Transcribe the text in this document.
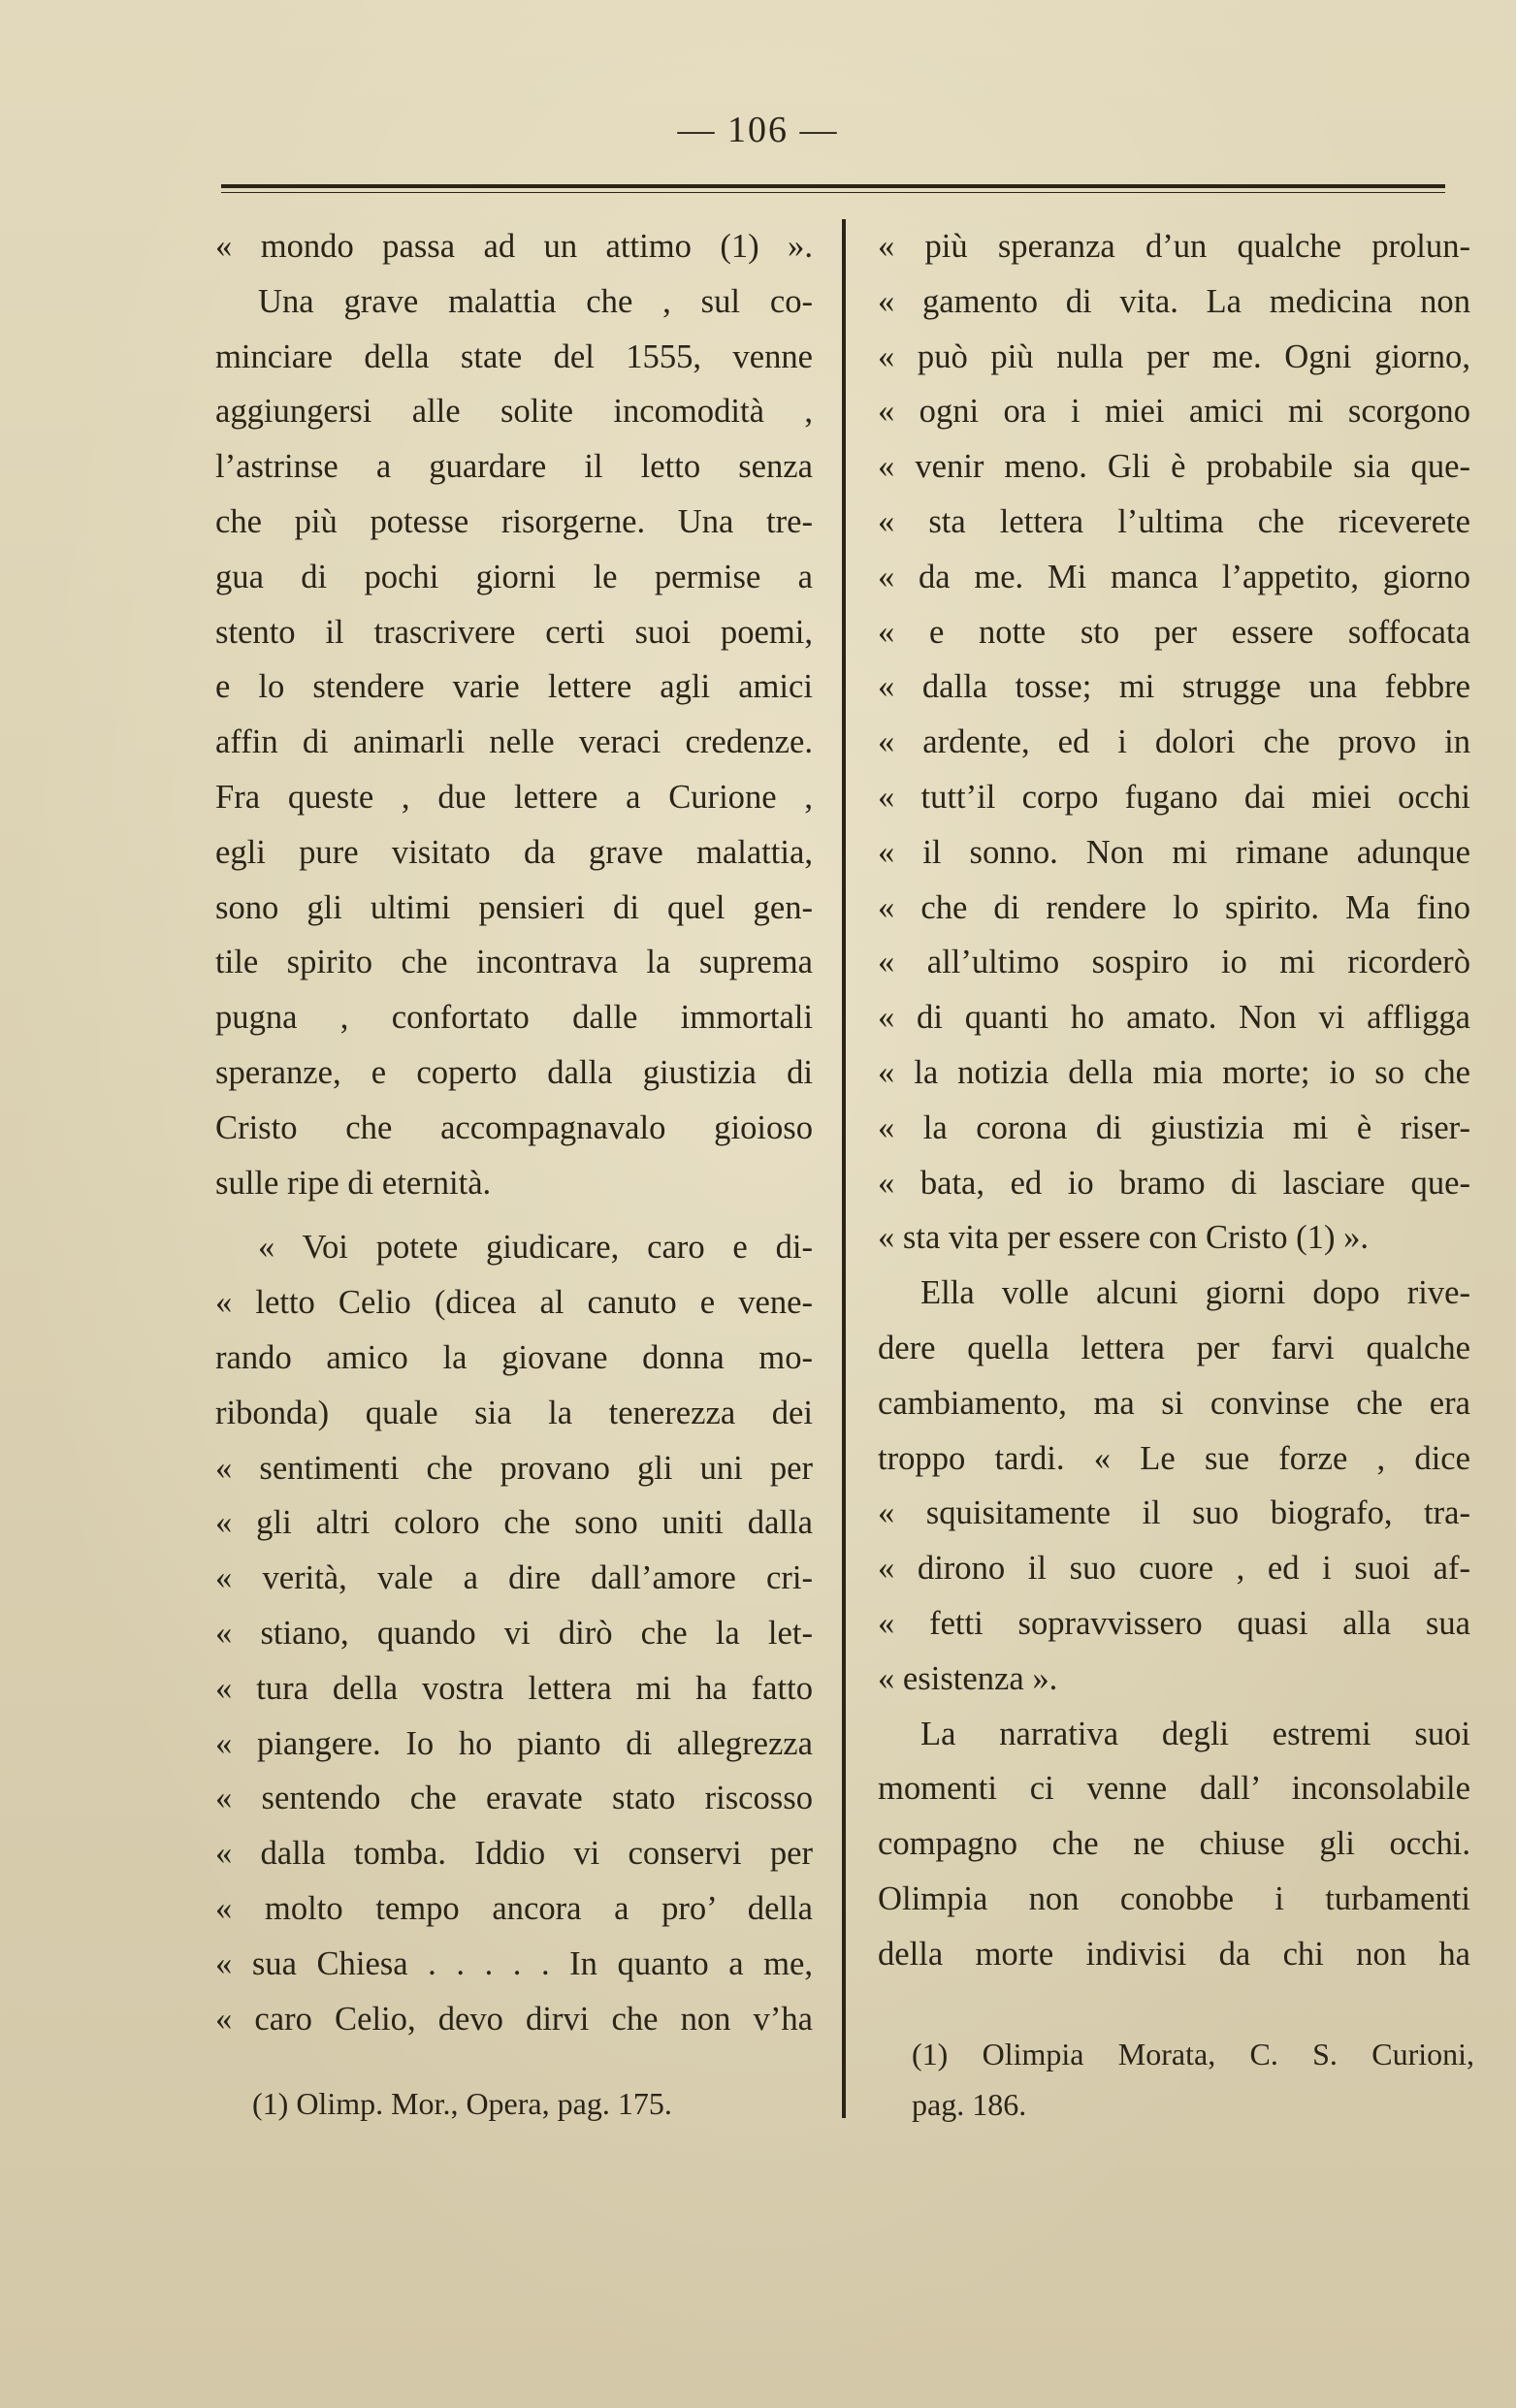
— 106 —
« mondo passa ad un attimo (1) ».
Una grave malattia che , sul co-
minciare della state del 1555, venne
aggiungersi alle solite incomodità ,
l’astrinse a guardare il letto senza
che più potesse risorgerne. Una tre-
gua di pochi giorni le permise a
stento il trascrivere certi suoi poemi,
e lo stendere varie lettere agli amici
affin di animarli nelle veraci credenze.
Fra queste , due lettere a Curione ,
egli pure visitato da grave malattia,
sono gli ultimi pensieri di quel gen-
tile spirito che incontrava la suprema
pugna , confortato dalle immortali
speranze, e coperto dalla giustizia di
Cristo che accompagnavalo gioioso
sulle ripe di eternità.
« Voi potete giudicare, caro e di-
« letto Celio (dicea al canuto e vene-
rando amico la giovane donna mo-
ribonda) quale sia la tenerezza dei
« sentimenti che provano gli uni per
« gli altri coloro che sono uniti dalla
« verità, vale a dire dall’amore cri-
« stiano, quando vi dirò che la let-
« tura della vostra lettera mi ha fatto
« piangere. Io ho pianto di allegrezza
« sentendo che eravate stato riscosso
« dalla tomba. Iddio vi conservi per
« molto tempo ancora a pro’ della
« sua Chiesa . . . . . In quanto a me,
« caro Celio, devo dirvi che non v’ha
« più speranza d’un qualche prolun-
« gamento di vita. La medicina non
« può più nulla per me. Ogni giorno,
« ogni ora i miei amici mi scorgono
« venir meno. Gli è probabile sia que-
« sta lettera l’ultima che riceverete
« da me. Mi manca l’appetito, giorno
« e notte sto per essere soffocata
« dalla tosse; mi strugge una febbre
« ardente, ed i dolori che provo in
« tutt’il corpo fugano dai miei occhi
« il sonno. Non mi rimane adunque
« che di rendere lo spirito. Ma fino
« all’ultimo sospiro io mi ricorderò
« di quanti ho amato. Non vi affligga
« la notizia della mia morte; io so che
« la corona di giustizia mi è riser-
« bata, ed io bramo di lasciare que-
« sta vita per essere con Cristo (1) ».
Ella volle alcuni giorni dopo rive-
dere quella lettera per farvi qualche
cambiamento, ma si convinse che era
troppo tardi. « Le sue forze , dice
« squisitamente il suo biografo, tra-
« dirono il suo cuore , ed i suoi af-
« fetti sopravvissero quasi alla sua
« esistenza ».
La narrativa degli estremi suoi
momenti ci venne dall’ inconsolabile
compagno che ne chiuse gli occhi.
Olimpia non conobbe i turbamenti
della morte indivisi da chi non ha
(1) Olimp. Mor., Opera, pag. 175.
(1) Olimpia Morata, C. S. Curioni,
pag. 186.
